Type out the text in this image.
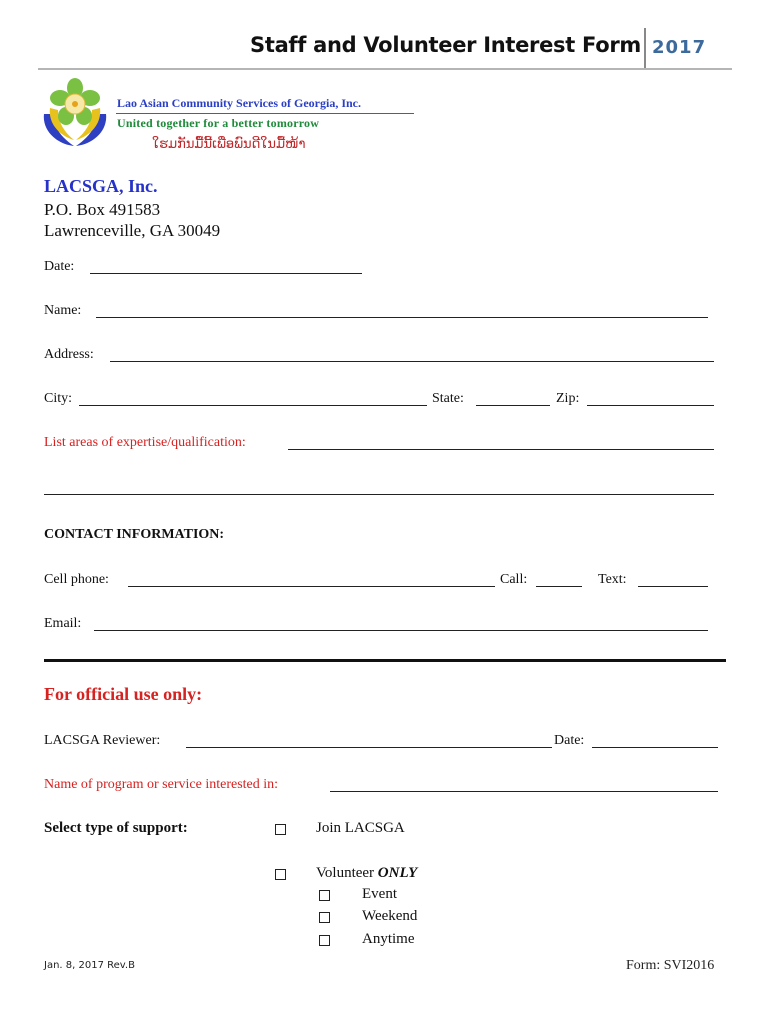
Staff and Volunteer Interest Form 2017
Lao Asian Community Services of Georgia, Inc.
United together for a better tomorrow
ໃຮມກັນມື້ນີ້ເພື່ອພົນດີໃນມື້ໜ້າ
LACSGA, Inc.
P.O. Box 491583
Lawrenceville, GA 30049
Date:
Name:
Address:
City:	State:	Zip:
List areas of expertise/qualification:
CONTACT INFORMATION:
Cell phone:	Call:	Text:
Email:
For official use only:
LACSGA Reviewer:	Date:
Name of program or service interested in:
Select type of support:	Join LACSGA
Volunteer ONLY
Event
Weekend
Anytime
Jan. 8, 2017 Rev.B	Form: SVI2016
